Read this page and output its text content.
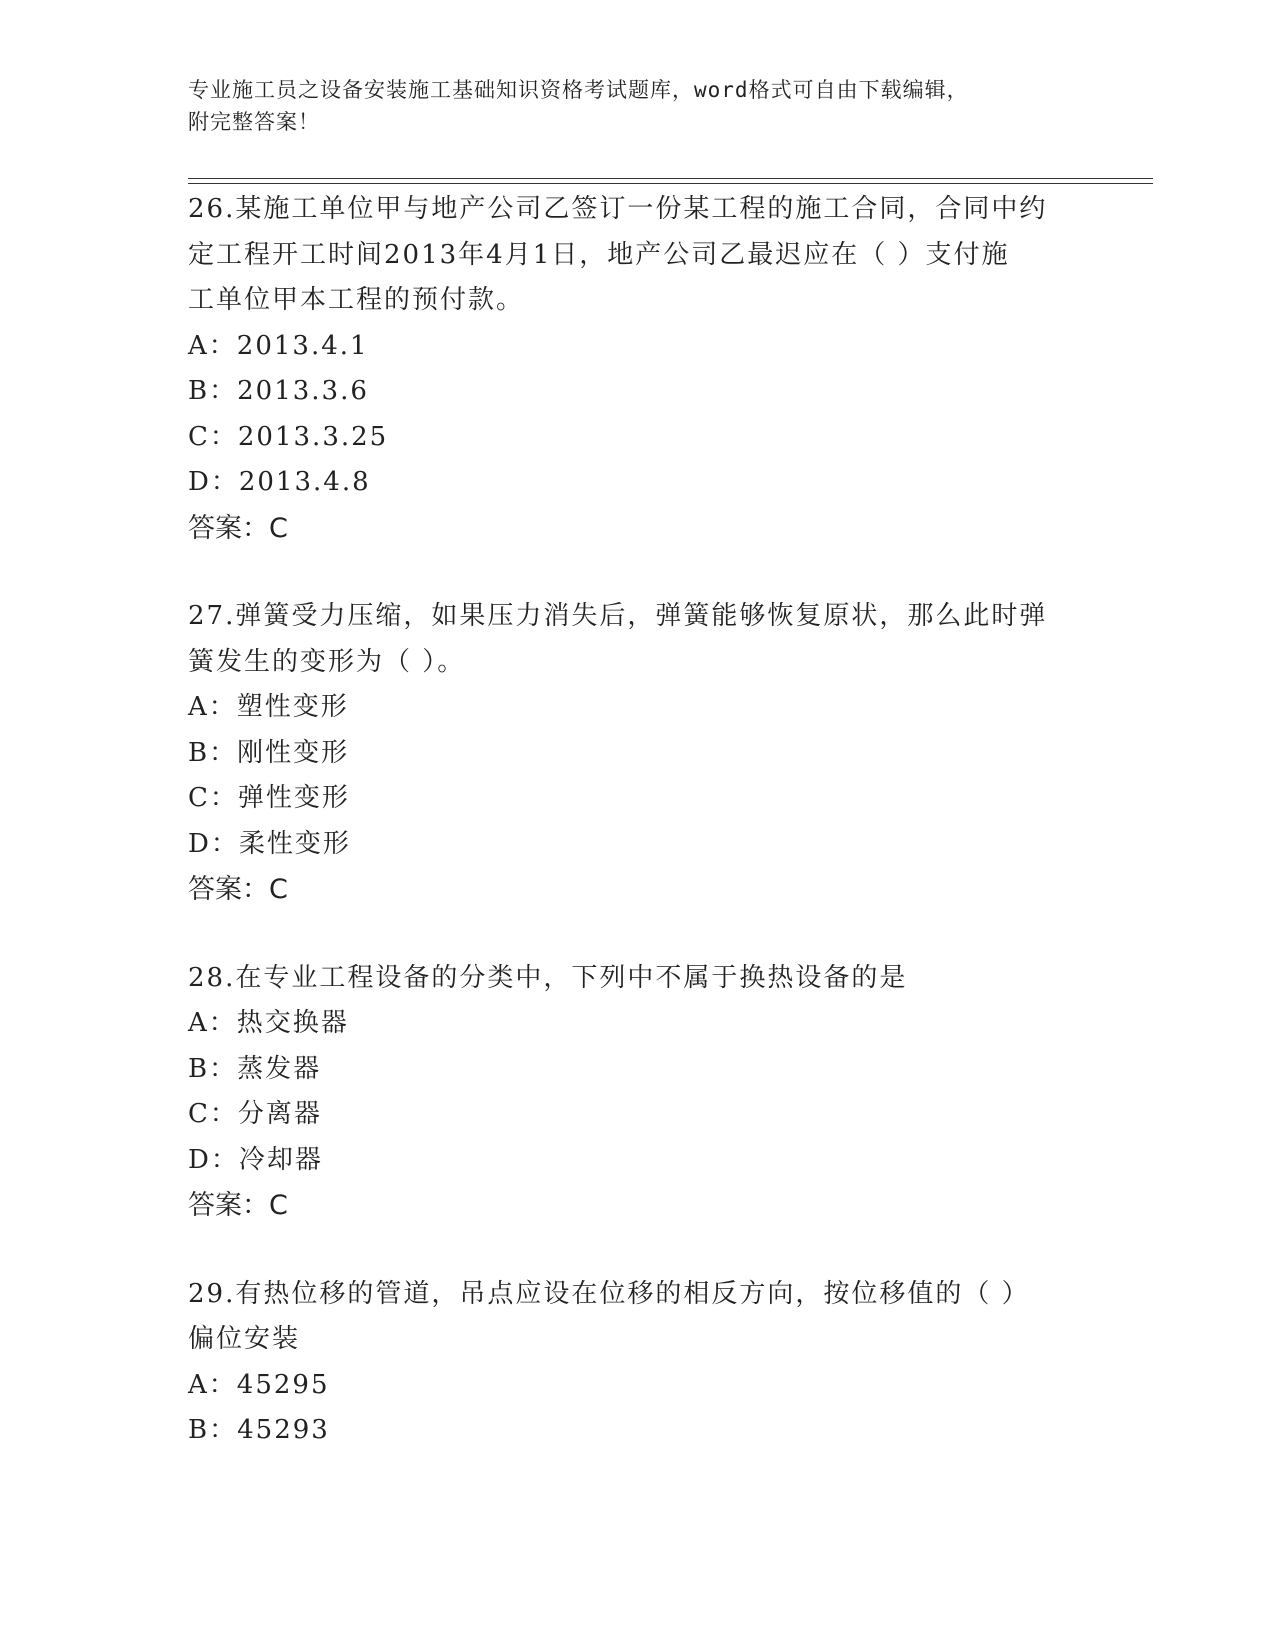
专业施工员之设备安装施工基础知识资格考试题库，word格式可自由下载编辑，
附完整答案！

26.某施工单位甲与地产公司乙签订一份某工程的施工合同，合同中约
定工程开工时间2013年4月1日，地产公司乙最迟应在（ ）支付施
工单位甲本工程的预付款。

A：2013.4.1

B：2013.3.6

C：2013.3.25

D：2013.4.8

答案：C

27.弹簧受力压缩，如果压力消失后，弹簧能够恢复原状，那么此时弹
簧发生的变形为（ ）。

A：塑性变形

B：刚性变形

C：弹性变形

D：柔性变形

答案：C

28.在专业工程设备的分类中，下列中不属于换热设备的是

A：热交换器

B：蒸发器

C：分离器

D：冷却器

答案：C

29.有热位移的管道，吊点应设在位移的相反方向，按位移值的（ ）
偏位安装

A：45295

B：45293
